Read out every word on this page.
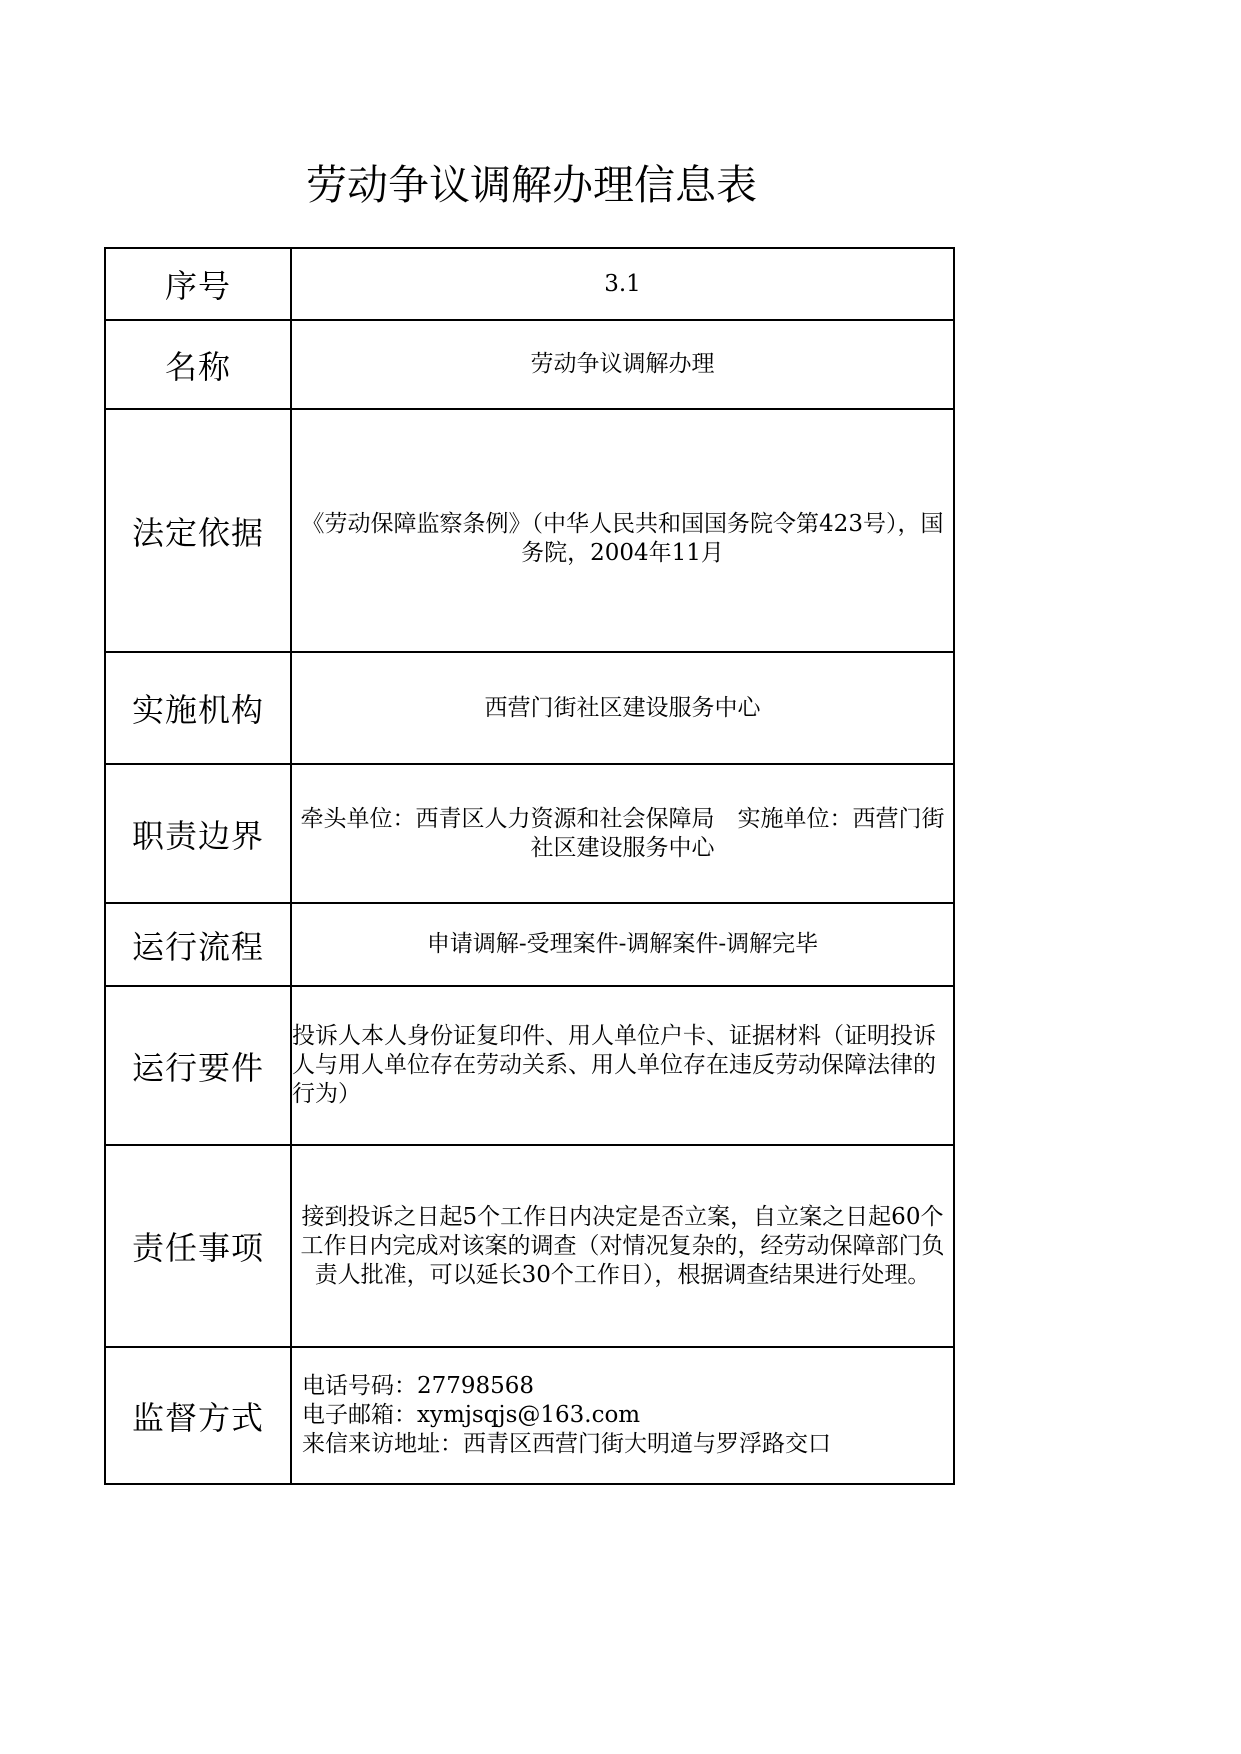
劳动争议调解办理信息表
序号	3.1
名称	劳动争议调解办理
法定依据	《劳动保障监察条例》（中华人民共和国国务院令第423号），国务院，2004年11月

实施机构	西营门街社区建设服务中心
职责边界	牵头单位：西青区人力资源和社会保障局　实施单位：西营门街社区建设服务中心
运行流程	申请调解-受理案件-调解案件-调解完毕
运行要件	投诉人本人身份证复印件、用人单位户卡、证据材料（证明投诉人与用人单位存在劳动关系、用人单位存在违反劳动保障法律的行为）
责任事项	接到投诉之日起5个工作日内决定是否立案，自立案之日起60个工作日内完成对该案的调查（对情况复杂的，经劳动保障部门负责人批准，可以延长30个工作日），根据调查结果进行处理。
监督方式	电话号码：27798568
电子邮箱：xymjsqjs@163.com
来信来访地址：西青区西营门街大明道与罗浮路交口
